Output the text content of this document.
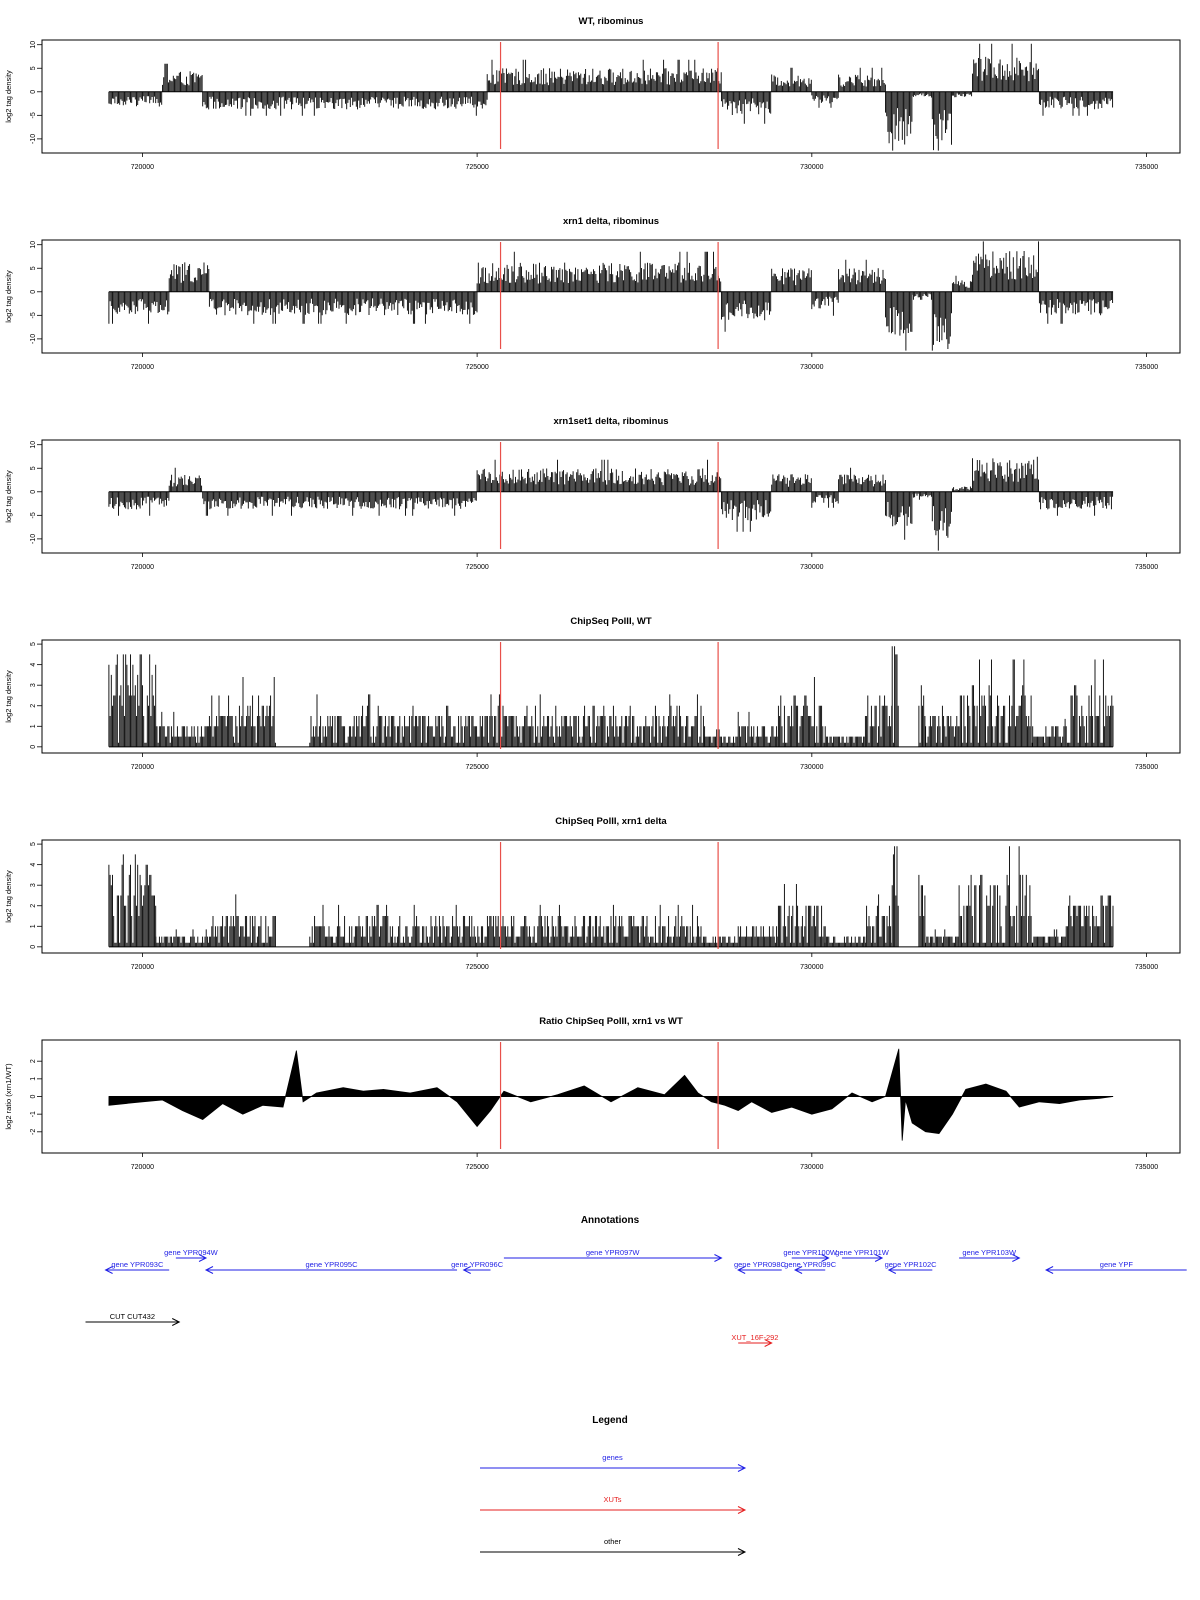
WT, ribominus
-10
-5
0
5
10
log2 tag density
720000	725000	730000	735000
xrn1 delta, ribominus
-10
-5
0
5
10
log2 tag density
720000	725000	730000	735000
xrn1set1 delta, ribominus
-10
-5
0
5
10
log2 tag density
720000	725000	730000	735000
ChipSeq PolII, WT
0
1
2
3
4
5
log2 tag density
720000	725000	730000	735000
ChipSeq PolII, xrn1 delta
0
1
2
3
4
5
log2 tag density
720000	725000	730000	735000
Ratio ChipSeq PolII, xrn1 vs WT
-2
-1
0
1
2
log2 ratio (xrn1/WT)
720000	725000	730000	735000
Annotations
gene YPR093C
gene YPR094W
gene YPR095C	gene YPR096C
gene YPR097W
gene YPR098C
gene YPR099C
gene YPR100W
gene YPR101W
gene YPR102C
gene YPR103W
gene YPF
CUT CUT432
XUT_16F-292
Legend
genes
XUTs
other
